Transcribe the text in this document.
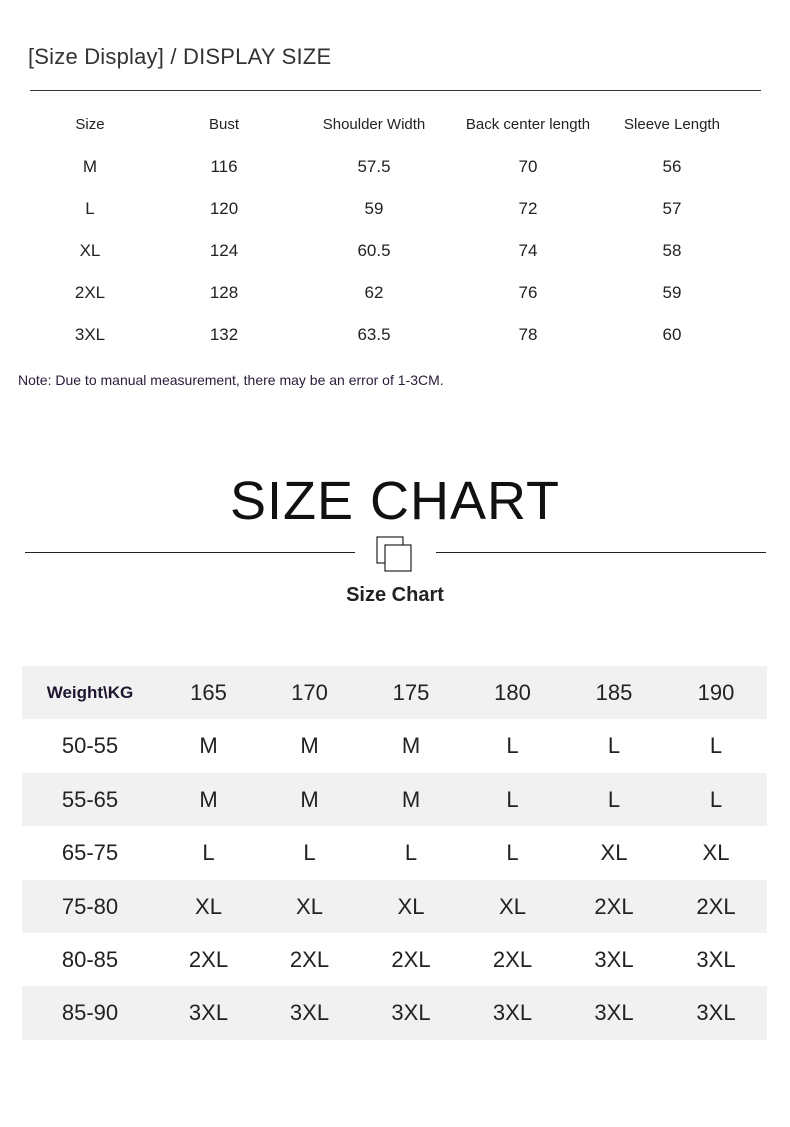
[Size Display] / DISPLAY SIZE
Size	Bust	Shoulder Width	Back center length	Sleeve Length
M	116	57.5	70	56
L	120	59	72	57
XL	124	60.5	74	58
2XL	128	62	76	59
3XL	132	63.5	78	60
Note: Due to manual measurement, there may be an error of 1-3CM.
SIZE CHART
Size Chart
Weight\KG	165	170	175	180	185	190
50-55	M	M	M	L	L	L
55-65	M	M	M	L	L	L
65-75	L	L	L	L	XL	XL
75-80	XL	XL	XL	XL	2XL	2XL
80-85	2XL	2XL	2XL	2XL	3XL	3XL
85-90	3XL	3XL	3XL	3XL	3XL	3XL
